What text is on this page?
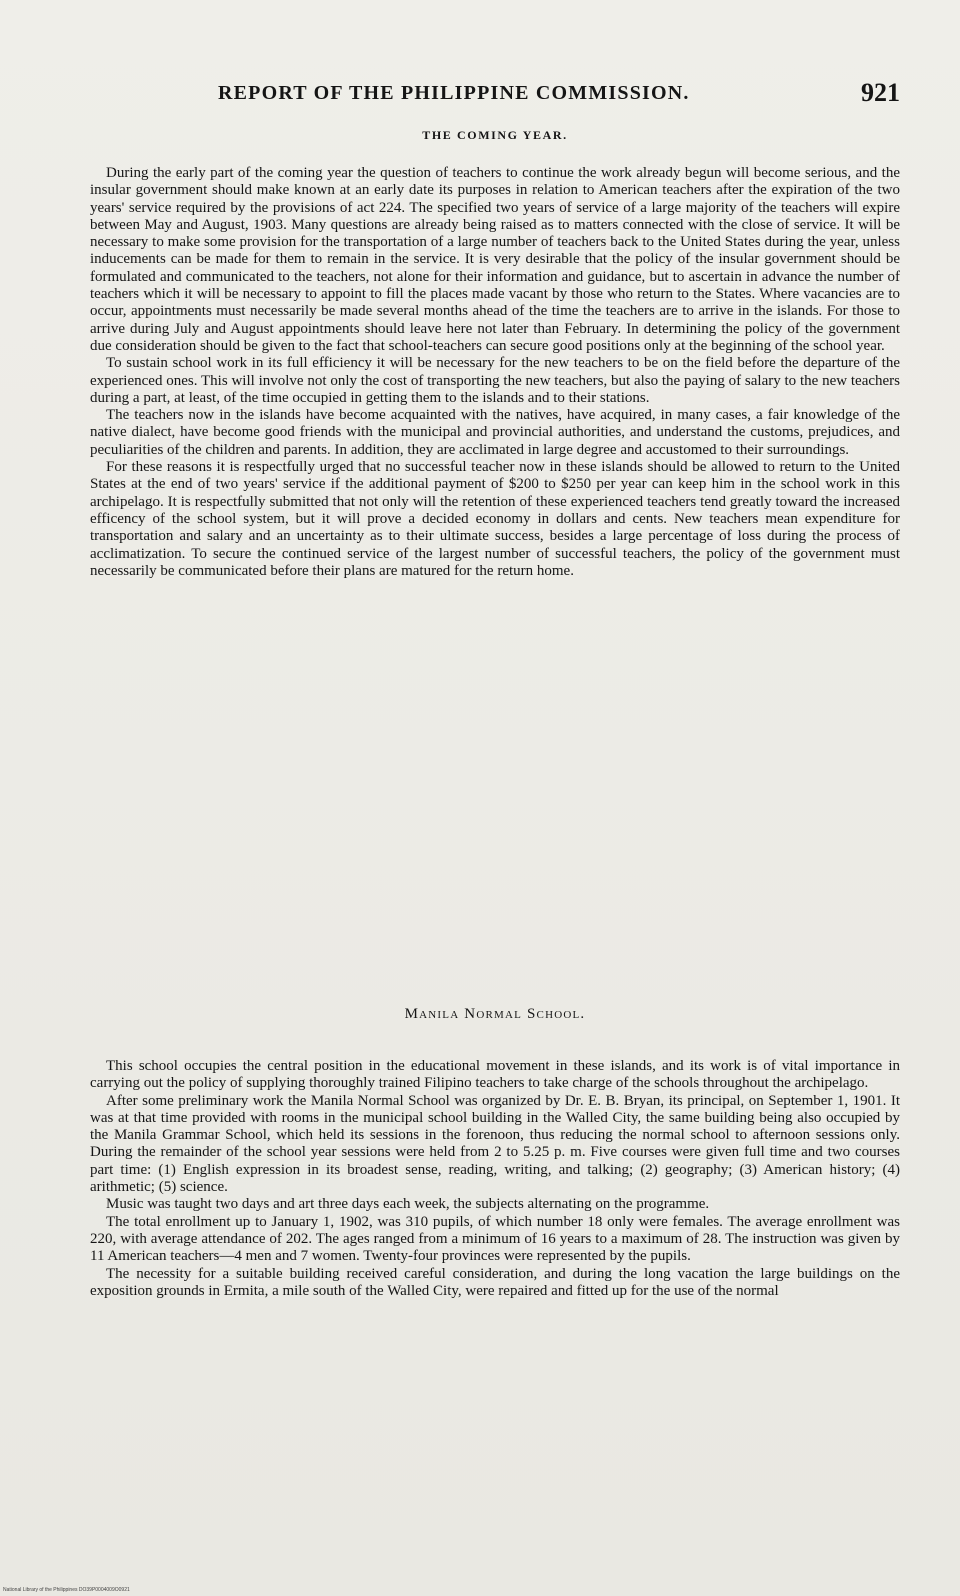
REPORT OF THE PHILIPPINE COMMISSION.	921
THE COMING YEAR.

During the early part of the coming year the question of teachers to continue the work already begun will become serious, and the insular government should make known at an early date its purposes in relation to American teachers after the expiration of the two years' service required by the provisions of act 224. The specified two years of service of a large majority of the teachers will expire between May and August, 1903. Many questions are already being raised as to matters connected with the close of service. It will be necessary to make some provision for the transportation of a large number of teachers back to the United States during the year, unless inducements can be made for them to remain in the service. It is very desirable that the policy of the insular government should be formulated and communicated to the teachers, not alone for their information and guidance, but to ascertain in advance the number of teachers which it will be necessary to appoint to fill the places made vacant by those who return to the States. Where vacancies are to occur, appointments must necessarily be made several months ahead of the time the teachers are to arrive in the islands. For those to arrive during July and August appointments should leave here not later than February. In determining the policy of the government due consideration should be given to the fact that school-teachers can secure good positions only at the beginning of the school year.

To sustain school work in its full efficiency it will be necessary for the new teachers to be on the field before the departure of the experienced ones. This will involve not only the cost of transporting the new teachers, but also the paying of salary to the new teachers during a part, at least, of the time occupied in getting them to the islands and to their stations.

The teachers now in the islands have become acquainted with the natives, have acquired, in many cases, a fair knowledge of the native dialect, have become good friends with the municipal and provincial authorities, and understand the customs, prejudices, and peculiarities of the children and parents. In addition, they are acclimated in large degree and accustomed to their surroundings.

For these reasons it is respectfully urged that no successful teacher now in these islands should be allowed to return to the United States at the end of two years' service if the additional payment of $200 to $250 per year can keep him in the school work in this archipelago. It is respectfully submitted that not only will the retention of these experienced teachers tend greatly toward the increased efficency of the school system, but it will prove a decided economy in dollars and cents. New teachers mean expenditure for transportation and salary and an uncertainty as to their ultimate success, besides a large percentage of loss during the process of acclimatization. To secure the continued service of the largest number of successful teachers, the policy of the government must necessarily be communicated before their plans are matured for the return home.

Manila Normal School.

This school occupies the central position in the educational movement in these islands, and its work is of vital importance in carrying out the policy of supplying thoroughly trained Filipino teachers to take charge of the schools throughout the archipelago.

After some preliminary work the Manila Normal School was organized by Dr. E. B. Bryan, its principal, on September 1, 1901. It was at that time provided with rooms in the municipal school building in the Walled City, the same building being also occupied by the Manila Grammar School, which held its sessions in the forenoon, thus reducing the normal school to afternoon sessions only. During the remainder of the school year sessions were held from 2 to 5.25 p. m. Five courses were given full time and two courses part time: (1) English expression in its broadest sense, reading, writing, and talking; (2) geography; (3) American history; (4) arithmetic; (5) science.

Music was taught two days and art three days each week, the subjects alternating on the programme.

The total enrollment up to January 1, 1902, was 310 pupils, of which number 18 only were females. The average enrollment was 220, with average attendance of 202. The ages ranged from a minimum of 16 years to a maximum of 28. The instruction was given by 11 American teachers—4 men and 7 women. Twenty-four provinces were represented by the pupils.

The necessity for a suitable building received careful consideration, and during the long vacation the large buildings on the exposition grounds in Ermita, a mile south of the Walled City, were repaired and fitted up for the use of the normal

National Library of the Philippines DO39P0004009O0921
